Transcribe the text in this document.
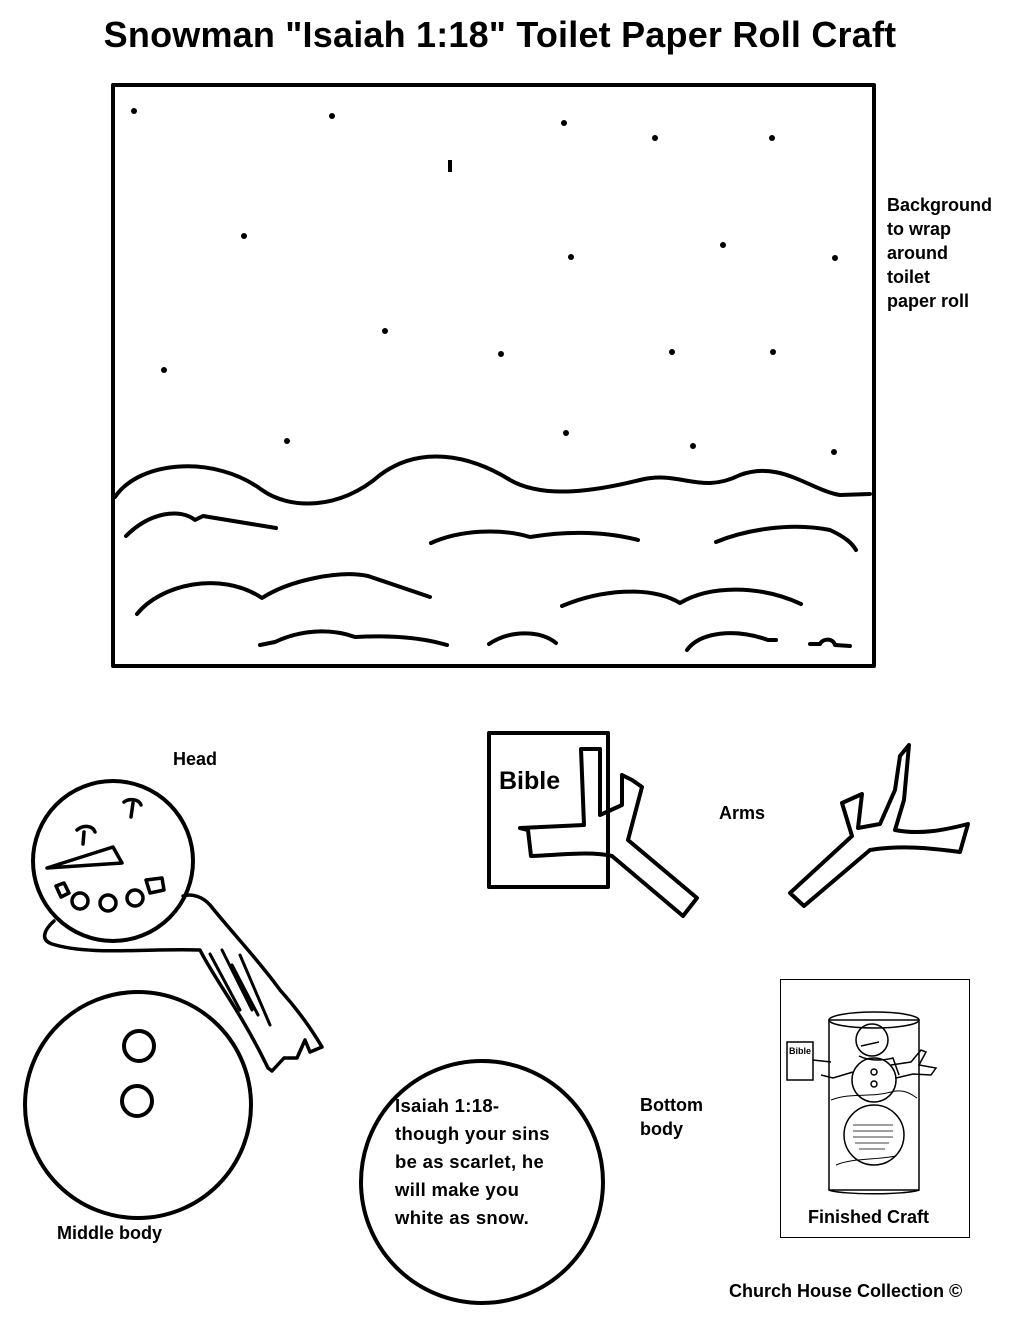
Snowman "Isaiah 1:18" Toilet Paper Roll Craft
Background
to wrap
around
toilet
paper roll
Head
Arms
Bible
Bottom
body
Middle body
Isaiah 1:18-
though your sins
be as scarlet, he
will make you
white as snow.
Bible
Finished Craft
Church House Collection ©
